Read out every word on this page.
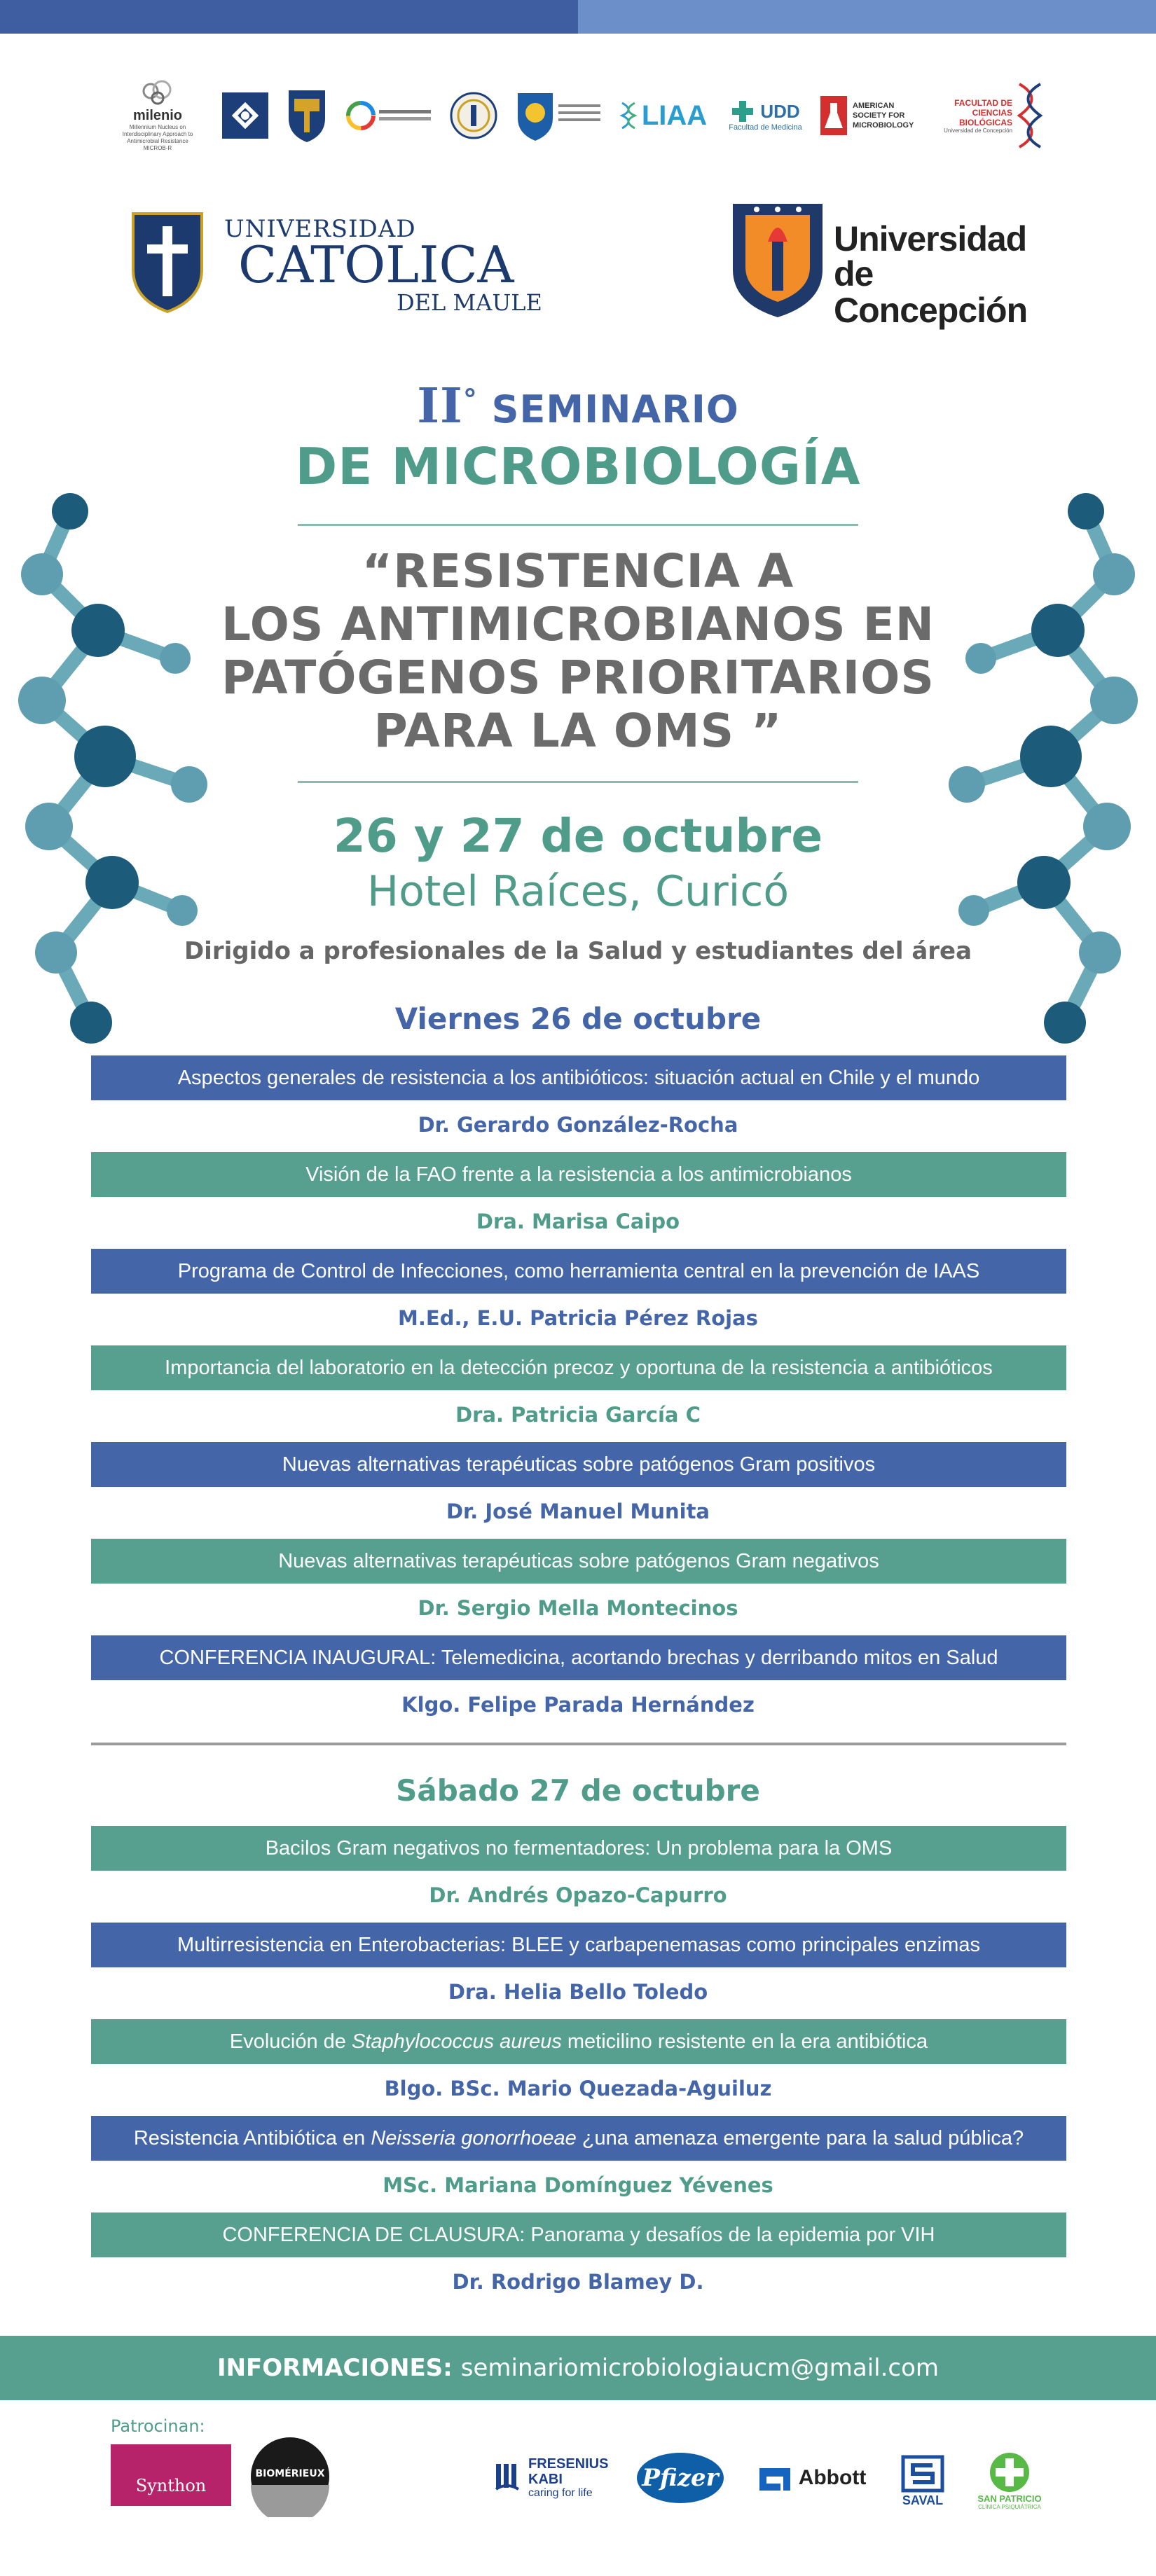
milenio
Millennium Nucleus on Interdisciplinary Approach to Antimicrobial Resistance MICROB-R
LIAA	UDD
Facultad de Medicina
AMERICAN SOCIETY FOR MICROBIOLOGY
FACULTAD DE CIENCIAS BIOLÓGICAS
Universidad de Concepción
UNIVERSIDAD
CATOLICA
DEL MAULE
Universidad
de Concepción
II° SEMINARIO
DE MICROBIOLOGÍA
“RESISTENCIA A
LOS ANTIMICROBIANOS EN
PATÓGENOS PRIORITARIOS
PARA LA OMS ”
26 y 27 de octubre
Hotel Raíces, Curicó
Dirigido a profesionales de la Salud y estudiantes del área
Viernes 26 de octubre
Aspectos generales de resistencia a los antibióticos: situación actual en Chile y el mundo
Dr. Gerardo González-Rocha
Visión de la FAO frente a la resistencia a los antimicrobianos
Dra. Marisa Caipo
Programa de Control de Infecciones, como herramienta central en la prevención de IAAS
M.Ed., E.U. Patricia Pérez Rojas
Importancia del laboratorio en la detección precoz y oportuna de la resistencia a antibióticos
Dra. Patricia García C
Nuevas alternativas terapéuticas sobre patógenos Gram positivos
Dr. José Manuel Munita
Nuevas alternativas terapéuticas sobre patógenos Gram negativos
Dr. Sergio Mella Montecinos
CONFERENCIA INAUGURAL: Telemedicina, acortando brechas y derribando mitos en Salud
Klgo. Felipe Parada Hernández
Sábado 27 de octubre
Bacilos Gram negativos no fermentadores: Un problema para la OMS
Dr. Andrés Opazo-Capurro
Multirresistencia en Enterobacterias: BLEE y carbapenemasas como principales enzimas
Dra. Helia Bello Toledo
Evolución de Staphylococcus aureus meticilino resistente en la era antibiótica
Blgo. BSc. Mario Quezada-Aguiluz
Resistencia Antibiótica en Neisseria gonorrhoeae ¿una amenaza emergente para la salud pública?
MSc. Mariana Domínguez Yévenes
CONFERENCIA DE CLAUSURA: Panorama y desafíos de la epidemia por VIH
Dr. Rodrigo Blamey D.
INFORMACIONES: seminariomicrobiologiaucm@gmail.com
Patrocinan:
Synthon
BIOMÉRIEUX
FRESENIUS
KABI
caring for life
Pfizer	Abbott
SAVAL	SAN PATRICIO
CLÍNICA PSIQUIÁTRICA
